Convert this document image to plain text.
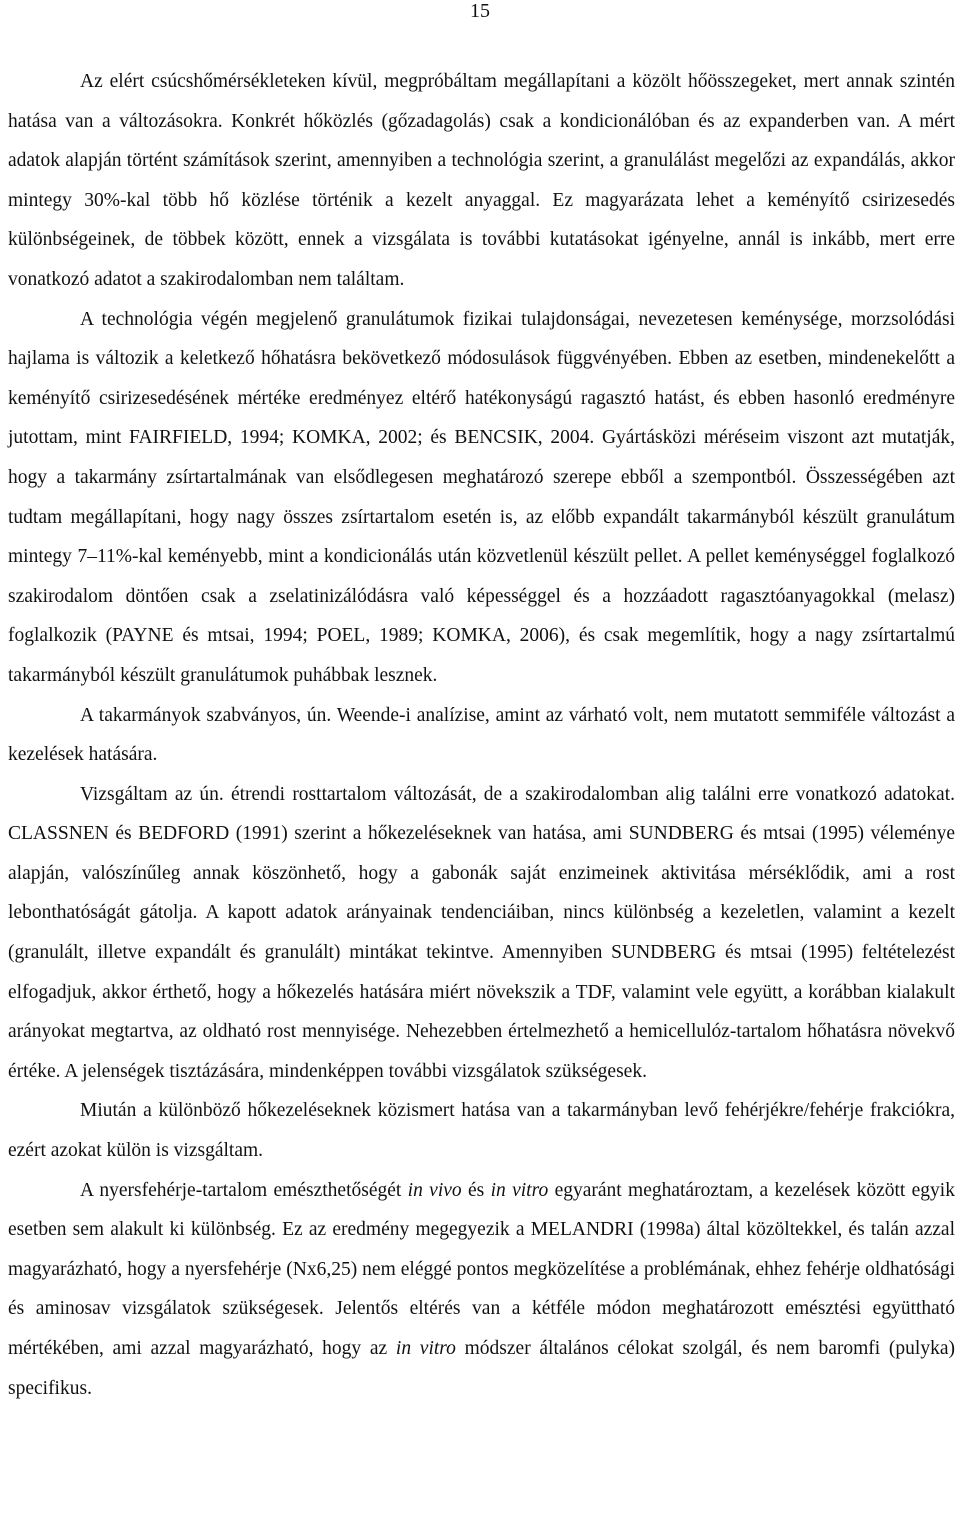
15

Az elért csúcshőmérsékleteken kívül, megpróbáltam megállapítani a közölt hőösszegeket, mert annak szintén hatása van a változásokra. Konkrét hőközlés (gőzadagolás) csak a kondicionálóban és az expanderben van. A mért adatok alapján történt számítások szerint, amennyiben a technológia szerint, a granulálást megelőzi az expandálás, akkor mintegy 30%-kal több hő közlése történik a kezelt anyaggal. Ez magyarázata lehet a keményítő csirizesedés különbségeinek, de többek között, ennek a vizsgálata is további kutatásokat igényelne, annál is inkább, mert erre vonatkozó adatot a szakirodalomban nem találtam.

A technológia végén megjelenő granulátumok fizikai tulajdonságai, nevezetesen keménysége, morzsolódási hajlama is változik a keletkező hőhatásra bekövetkező módosulások függvényében. Ebben az esetben, mindenekelőtt a keményítő csirizesedésének mértéke eredményez eltérő hatékonyságú ragasztó hatást, és ebben hasonló eredményre jutottam, mint FAIRFIELD, 1994; KOMKA, 2002; és BENCSIK, 2004. Gyártásközi méréseim viszont azt mutatják, hogy a takarmány zsírtartalmának van elsődlegesen meghatározó szerepe ebből a szempontból. Összességében azt tudtam megállapítani, hogy nagy összes zsírtartalom esetén is, az előbb expandált takarmányból készült granulátum mintegy 7–11%-kal keményebb, mint a kondicionálás után közvetlenül készült pellet. A pellet keménységgel foglalkozó szakirodalom döntően csak a zselatinizálódásra való képességgel és a hozzáadott ragasztóanyagokkal (melasz) foglalkozik (PAYNE és mtsai, 1994; POEL, 1989; KOMKA, 2006), és csak megemlítik, hogy a nagy zsírtartalmú takarmányból készült granulátumok puhábbak lesznek.

A takarmányok szabványos, ún. Weende-i analízise, amint az várható volt, nem mutatott semmiféle változást a kezelések hatására.

Vizsgáltam az ún. étrendi rosttartalom változását, de a szakirodalomban alig találni erre vonatkozó adatokat. CLASSNEN és BEDFORD (1991) szerint a hőkezeléseknek van hatása, ami SUNDBERG és mtsai (1995) véleménye alapján, valószínűleg annak köszönhető, hogy a gabonák saját enzimeinek aktivitása mérséklődik, ami a rost lebonthatóságát gátolja. A kapott adatok arányainak tendenciáiban, nincs különbség a kezeletlen, valamint a kezelt (granulált, illetve expandált és granulált) mintákat tekintve. Amennyiben SUNDBERG és mtsai (1995) feltételezést elfogadjuk, akkor érthető, hogy a hőkezelés hatására miért növekszik a TDF, valamint vele együtt, a korábban kialakult arányokat megtartva, az oldható rost mennyisége. Nehezebben értelmezhető a hemicellulóz-tartalom hőhatásra növekvő értéke. A jelenségek tisztázására, mindenképpen további vizsgálatok szükségesek.

Miután a különböző hőkezeléseknek közismert hatása van a takarmányban levő fehérjékre/fehérje frakciókra, ezért azokat külön is vizsgáltam.

A nyersfehérje-tartalom emészthetőségét in vivo és in vitro egyaránt meghatároztam, a kezelések között egyik esetben sem alakult ki különbség. Ez az eredmény megegyezik a MELANDRI (1998a) által közöltekkel, és talán azzal magyarázható, hogy a nyersfehérje (Nx6,25) nem eléggé pontos megközelítése a problémának, ehhez fehérje oldhatósági és aminosav vizsgálatok szükségesek. Jelentős eltérés van a kétféle módon meghatározott emésztési együttható mértékében, ami azzal magyarázható, hogy az in vitro módszer általános célokat szolgál, és nem baromfi (pulyka) specifikus.
